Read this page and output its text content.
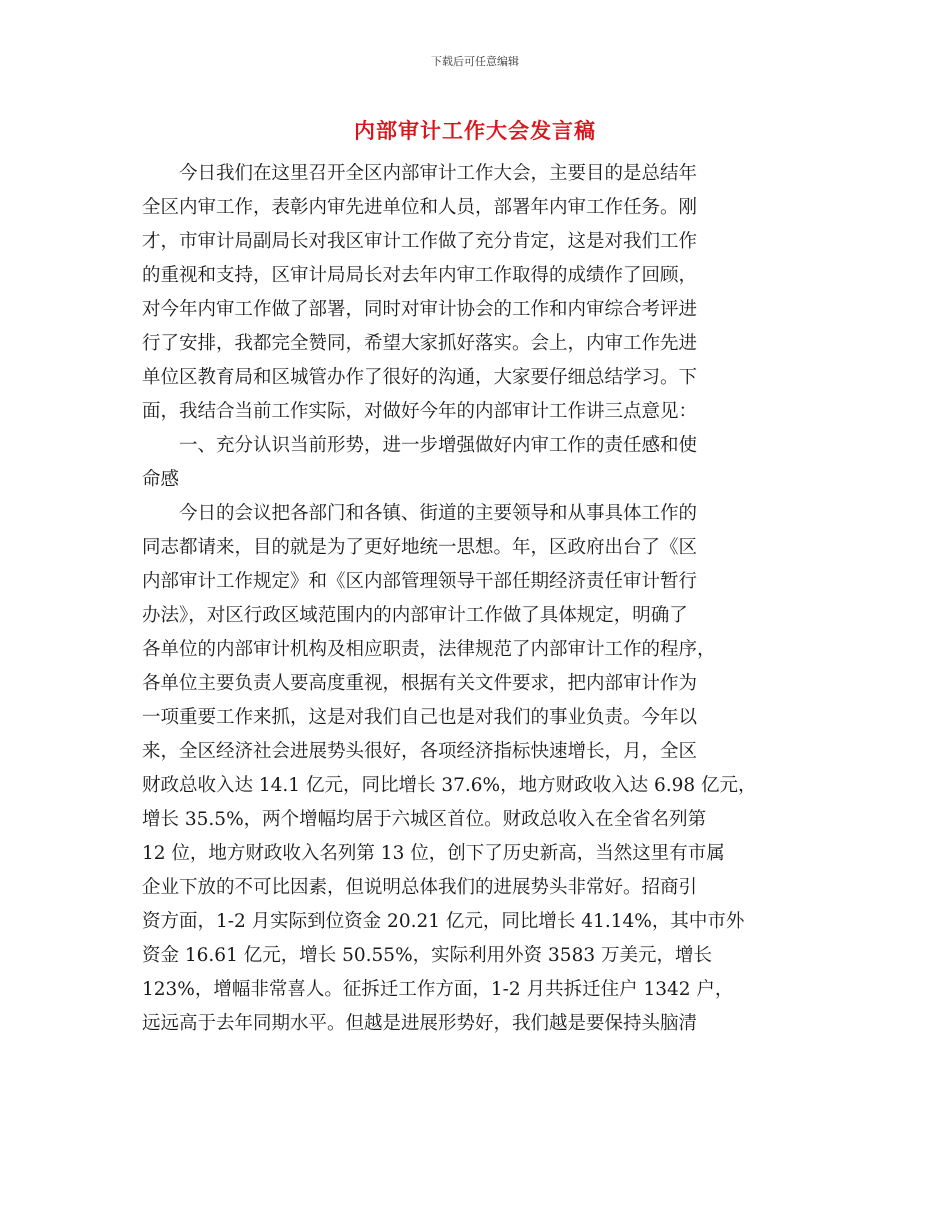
下载后可任意编辑
内部审计工作大会发言稿
　　今日我们在这里召开全区内部审计工作大会，主要目的是总结年
全区内审工作，表彰内审先进单位和人员，部署年内审工作任务。刚
才，市审计局副局长对我区审计工作做了充分肯定，这是对我们工作
的重视和支持，区审计局局长对去年内审工作取得的成绩作了回顾，
对今年内审工作做了部署，同时对审计协会的工作和内审综合考评进
行了安排，我都完全赞同，希望大家抓好落实。会上，内审工作先进
单位区教育局和区城管办作了很好的沟通，大家要仔细总结学习。下
面，我结合当前工作实际，对做好今年的内部审计工作讲三点意见：
　　一、充分认识当前形势，进一步增强做好内审工作的责任感和使
命感
　　今日的会议把各部门和各镇、街道的主要领导和从事具体工作的
同志都请来，目的就是为了更好地统一思想。年，区政府出台了《区
内部审计工作规定》和《区内部管理领导干部任期经济责任审计暂行
办法》，对区行政区域范围内的内部审计工作做了具体规定，明确了
各单位的内部审计机构及相应职责，法律规范了内部审计工作的程序，
各单位主要负责人要高度重视，根据有关文件要求，把内部审计作为
一项重要工作来抓，这是对我们自己也是对我们的事业负责。今年以
来，全区经济社会进展势头很好，各项经济指标快速增长，月，全区
财政总收入达 14.1 亿元，同比增长 37.6%，地方财政收入达 6.98 亿元，
增长 35.5%，两个增幅均居于六城区首位。财政总收入在全省名列第
12 位，地方财政收入名列第 13 位，创下了历史新高，当然这里有市属
企业下放的不可比因素，但说明总体我们的进展势头非常好。招商引
资方面，1-2 月实际到位资金 20.21 亿元，同比增长 41.14%，其中市外
资金 16.61 亿元，增长 50.55%，实际利用外资 3583 万美元，增长
123%，增幅非常喜人。征拆迁工作方面，1-2 月共拆迁住户 1342 户，
远远高于去年同期水平。但越是进展形势好，我们越是要保持头脑清
